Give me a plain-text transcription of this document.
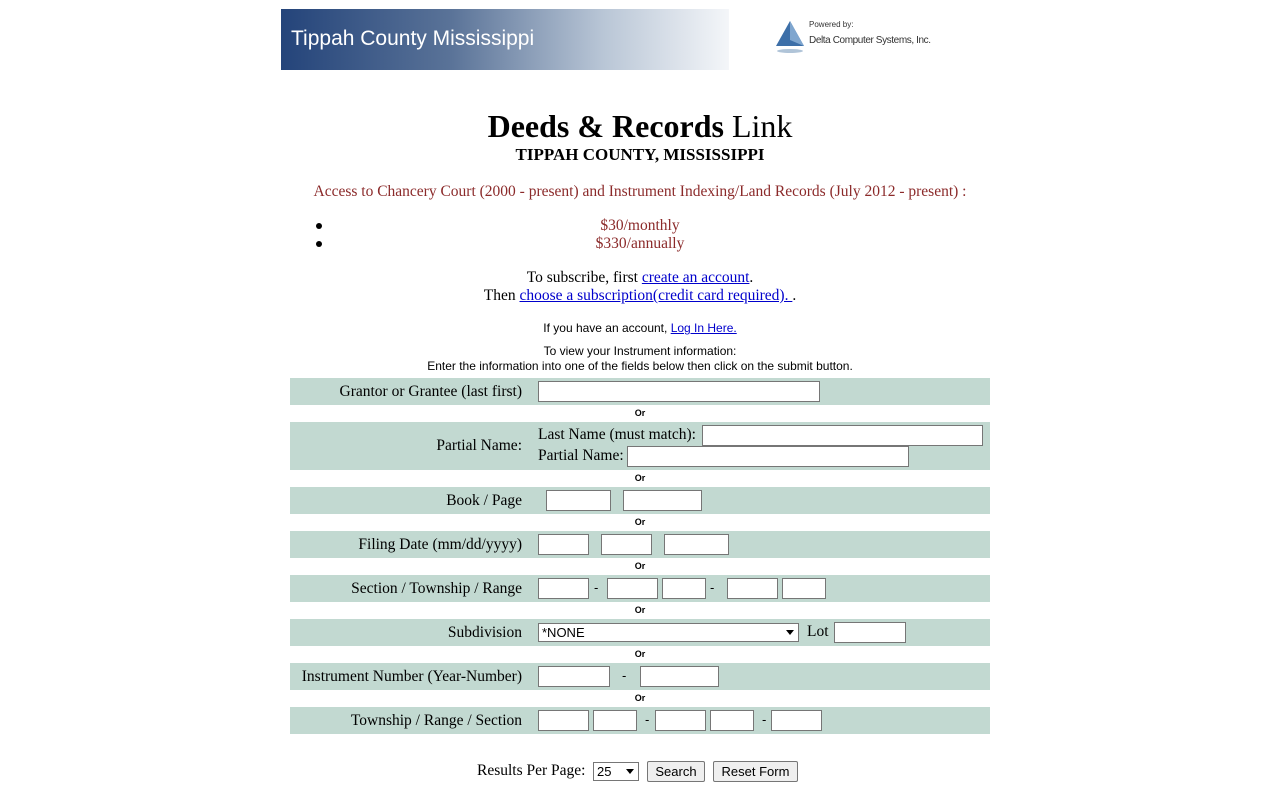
Tippah County Mississippi
Powered by:
Delta Computer Systems, Inc.
Deeds & Records Link
TIPPAH COUNTY, MISSISSIPPI
Access to Chancery Court (2000 - present) and Instrument Indexing/Land Records (July 2012 - present) :
$30/monthly
$330/annually
To subscribe, first create an account.
Then choose a subscription(credit card required). .
If you have an account, Log In Here.
To view your Instrument information:
Enter the information into one of the fields below then click on the submit button.
Grantor or Grantee (last first)
Or
Partial Name:
Last Name (must match):
Partial Name:
Or
Book / Page
Or
Filing Date (mm/dd/yyyy)
Or
Section / Township / Range	-	-
Or
Subdivision	*NONE	Lot
Or
Instrument Number (Year-Number)	-
Or
Township / Range / Section	-	-
Results Per Page: 25	Search	Reset Form
